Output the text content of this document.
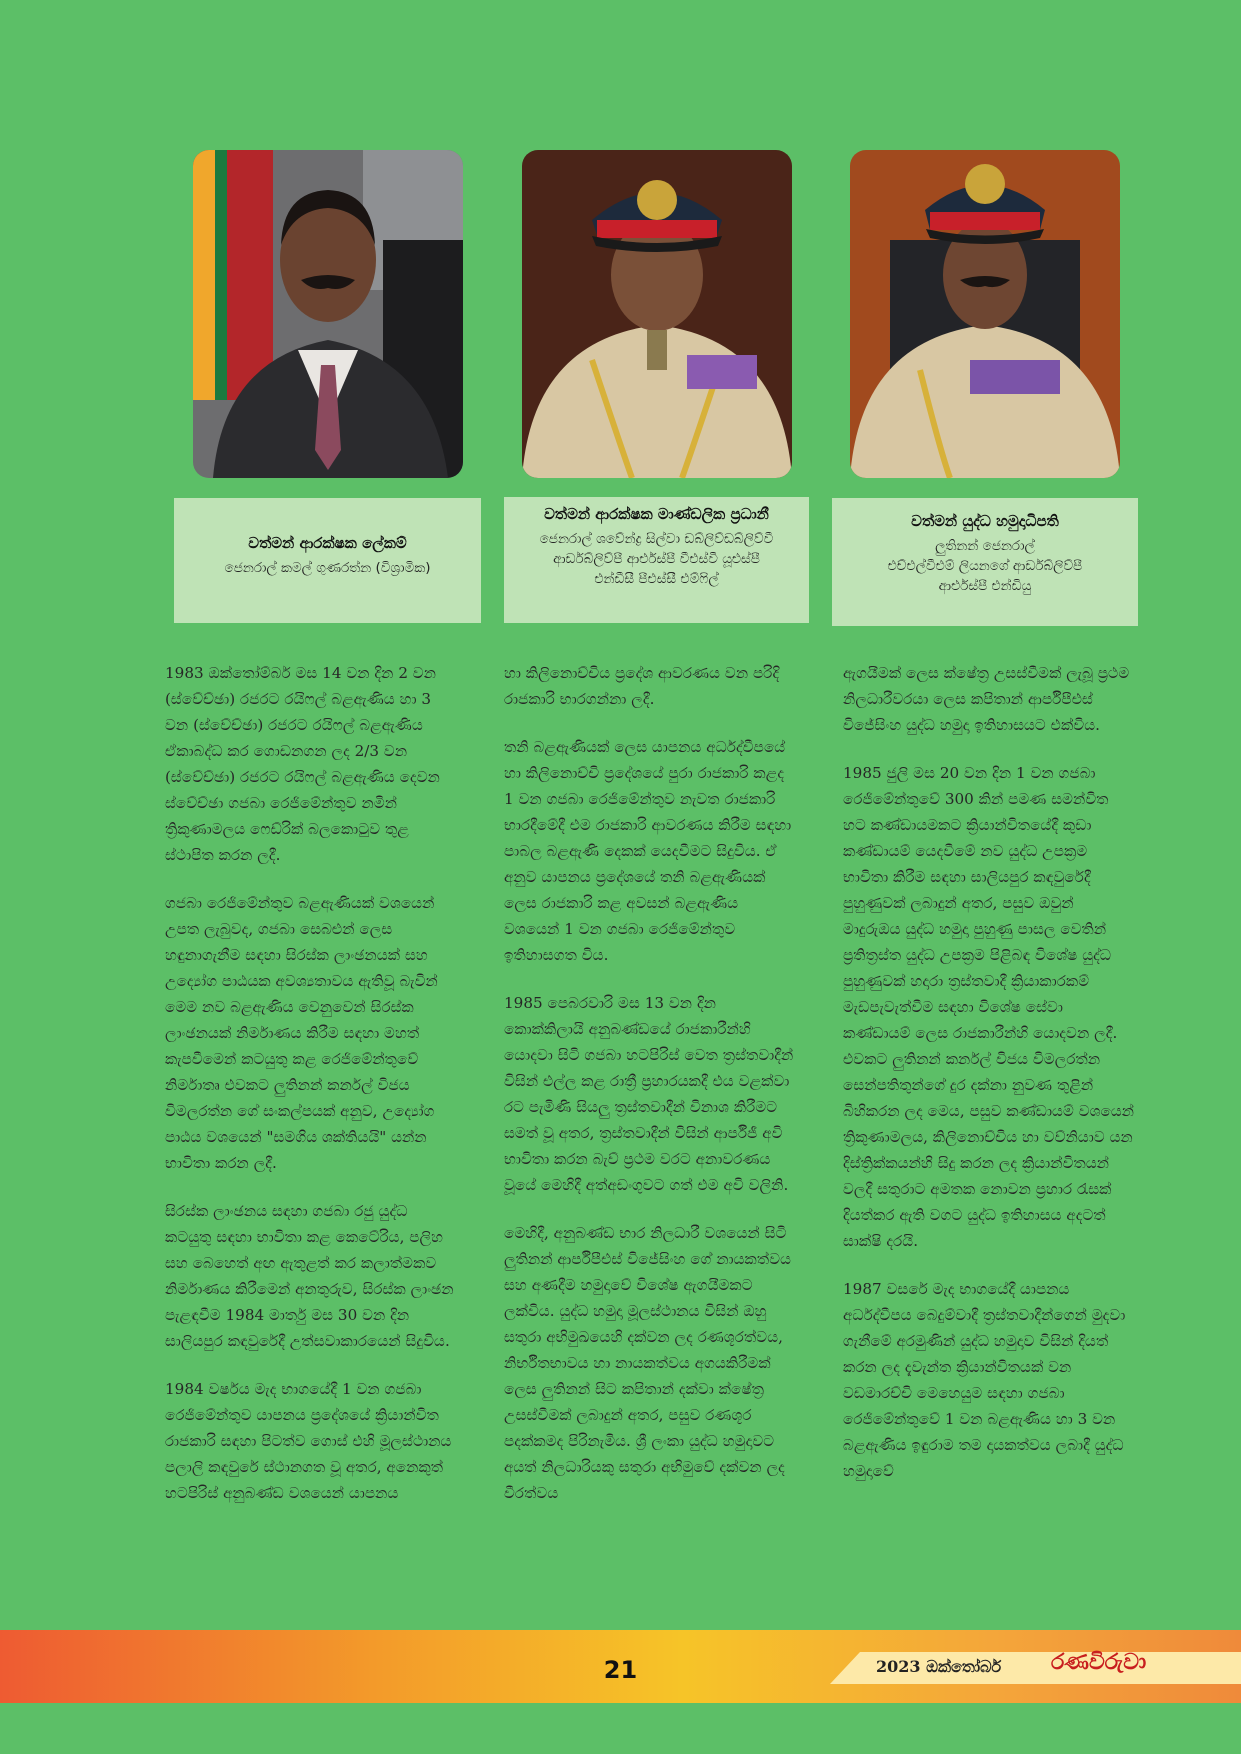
වත්මන් ආරක්ෂක ලේකම්
ජෙනරාල් කමල් ගුණරත්න (විශ්‍රාමික)
වත්මන් ආරක්ෂක මාණ්ඩලික ප්‍රධානී
ජෙනරාල් ශවේන්ද්‍ර සිල්වා ඩබ්ලිව්ඩබ්ලිව්වී
ආර්ඩබ්ලිව්පී ආර්එස්පී වීඑස්වී යූඑස්පී
එන්ඩීසී පීඑස්සී එම්ෆිල්
වත්මන් යුද්ධ හමුදාධිපති
ලුතිනන් ජෙනරාල්
එච්එල්වීඑම් ලියනගේ ආර්ඩබ්ලිව්පී
ආර්එස්පී එන්ඩියු

1983 ඔක්තෝම්බර් මස 14 වන දින 2 වන (ස්වේච්ඡා) රජරට රයිෆල් බළඇණිය හා 3 වන (ස්වේච්ඡා) රජරට රයිෆල් බළඇණිය ඒකාබද්ධ කර ගොඩනගන ලද 2/3 වන (ස්වේච්ඡා) රජරට රයිෆල් බළඇණිය දෙවන ස්වේච්ඡා ගජබා රෙජිමේන්තුව නමින් ත්‍රිකුණාමලය ෆෙඩ්රික් බලකොටුව තුළ ස්ථාපිත කරන ලදී.

ගජබා රෙජිමේන්තුව බළඇණියක් වශයෙන් උපත ලැබුවද, ගජබා සෙබළුන් ලෙස හඳුනාගැනීම සඳහා සිරස්ක ලාංඡනයක් සහ උද්‍යෝග පාඨයක අවශ්‍යතාවය ඇතිවූ බැවින් මෙම නව බළඇණිය වෙනුවෙන් සිරස්ක ලාංඡනයක් නිර්මාණය කිරීම සඳහා මහත් කැපවීමෙන් කටයුතු කළ රෙජිමේන්තුවේ නිර්මාතෘ එවකට ලුතිනන් කර්නල් විජය විමලරත්න ගේ සංකල්පයක් අනුව, උද්‍යෝග පාඨය වශයෙන් "සමගිය ශක්තියයි" යන්න භාවිතා කරන ලදී.

සිරස්ක ලාංඡනය සඳහා ගජබා රජු යුද්ධ කටයුතු සඳහා භාවිතා කළ කෙටේරිය, පලිහ සහ බෙහෙත් අඟ ඇතුළත් කර කලාත්මකව නිර්මාණය කිරීමෙන් අනතුරුව, සිරස්ක ලාංඡන පැළඳවීම 1984 මාර්තු මස 30 වන දින සාලියපුර කඳවුරේදී උත්සවාකාරයෙන් සිදුවිය.

1984 වර්ෂය මැද භාගයේදී 1 වන ගජබා රෙජිමේන්තුව යාපනය ප්‍රදේශයේ ක්‍රියාන්විත රාජකාරි සඳහා පිටත්ව ගොස් එහි මූලස්ථානය පලාලි කඳවුරේ ස්ථානගත වූ අතර, අනෙකුත් හටපිරිස් අනුබණ්ඩ වශයෙන් යාපනය

හා කිලිනොච්චිය ප්‍රදේශ ආවරණය වන පරිදි රාජකාරි භාරගන්නා ලදී.

තනි බළඇණියක් ලෙස යාපනය අර්ධද්වීපයේ හා කිලිනොච්චි ප්‍රදේශයේ පුරා රාජකාරි කළද 1 වන ගජබා රෙජිමේන්තුව නැවත රාජකාරි භාරදීමේදී එම රාජකාරි ආවරණය කිරීම සඳහා පාබල බළඇණි දෙකක් යෙදවීමට සිදුවිය. ඒ අනුව යාපනය ප්‍රදේශයේ තනි බළඇණියක් ලෙස රාජකාරි කළ අවසන් බළඇණිය වශයෙන් 1 වන ගජබා රෙජිමේන්තුව ඉතිහාසගත විය.

1985 පෙබරවාරි මස 13 වන දින කොක්කිලායි අනුබණ්ඩයේ රාජකාරීන්හි යොදවා සිටි ගජබා හටපිරිස් වෙත ත්‍රස්තවාදීන් විසින් එල්ල කළ රාත්‍රී ප්‍රහාරයකදී එය වළක්වා රට පැමිණි සියලු ත්‍රස්තවාදීන් විනාශ කිරීමට සමත් වූ අතර, ත්‍රස්තවාදීන් විසින් ආර්පීජී අවි භාවිතා කරන බැව් ප්‍රථම වරට අනාවරණය වූයේ මෙහිදී අත්අඩංගුවට ගත් එම අවි වලිනි.

මෙහිදී, අනුබණ්ඩ භාර නිලධාරී වශයෙන් සිටි ලුතිනන් ආර්පීපීඑස් විජේසිංහ ගේ නායකත්වය සහ අණදීම හමුදාවේ විශේෂ ඇගයීමකට ලක්විය. යුද්ධ හමුදා මූලස්ථානය විසින් ඔහු සතුරා අභිමුඛයෙහි දක්වන ලද රණශූරත්වය, නිර්භීතභාවය හා නායකත්වය අගයකිරීමක් ලෙස ලුතිනන් සිට කපිතාන් දක්වා ක්ෂේත්‍ර උසස්වීමක් ලබාදුන් අතර, පසුව රණශූර පදක්කමද පිරිනැමිය. ශ්‍රී ලංකා යුද්ධ හමුදාවට අයත් නිලධාරියකු සතුරා අභිමුවේ දක්වන ලද වීරත්වය

ඇගයීමක් ලෙස ක්ෂේත්‍ර උසස්වීමක් ලැබූ ප්‍රථම නිලධාරීවරයා ලෙස කපිතාන් ආර්පීපීඑස් විජේසිංහ යුද්ධ හමුදා ඉතිහාසයට එක්විය.

1985 ජුලි මස 20 වන දින 1 වන ගජබා රෙජිමේන්තුවේ 300 කින් පමණ සමන්විත හට කණ්ඩායමකට ක්‍රියාන්විතයේදී කුඩා කණ්ඩායම් යෙදවීමේ නව යුද්ධ උපක්‍රම භාවිතා කිරීම සඳහා සාලියපුර කඳවුරේදී පුහුණුවක් ලබාදුන් අතර, පසුව ඔවුන් මාදුරුඔය යුද්ධ හමුදා පුහුණු පාසල වෙතින් ප්‍රතිත්‍රස්ත යුද්ධ උපක්‍රම පිළිබඳ විශේෂ යුද්ධ පුහුණුවක් හදාරා ත්‍රස්තවාදී ක්‍රියාකාරකම් මැඩපැවැත්වීම සඳහා විශේෂ සේවා කණ්ඩායම් ලෙස රාජකාරීන්හි යොදවන ලදී. එවකට ලුතිනන් කර්නල් විජය විමලරත්න සෙන්පතිතුන්ගේ දුර දක්නා නුවණ තුළින් බිහිකරන ලද මෙය, පසුව කණ්ඩායම් වශයෙන් ත්‍රිකුණාමලය, කිලිනොච්චිය හා වව්නියාව යන දිස්ත්‍රික්කයන්හි සිදු කරන ලද ක්‍රියාන්විතයන් වලදී සතුරාට අමතක නොවන ප්‍රහාර රැසක් දියත්කර ඇති වගට යුද්ධ ඉතිහාසය අදටත් සාක්ෂි දරයි.

1987 වසරේ මැද භාගයේදී යාපනය අර්ධද්වීපය බෙදුම්වාදී ත්‍රස්තවාදීන්ගෙන් මුදවා ගැනීමේ අරමුණින් යුද්ධ හමුදාව විසින් දියත් කරන ලද දැවැන්ත ක්‍රියාන්විතයක් වන වඩමාරච්චි මෙහෙයුම සඳහා ගජබා රෙජිමේන්තුවේ 1 වන බළඇණිය හා 3 වන බළඇණිය ඉඳුරාම තම දායකත්වය ලබාදී යුද්ධ හමුදාවේ

21	2023 ඔක්තෝබර් රණවිරුවා
